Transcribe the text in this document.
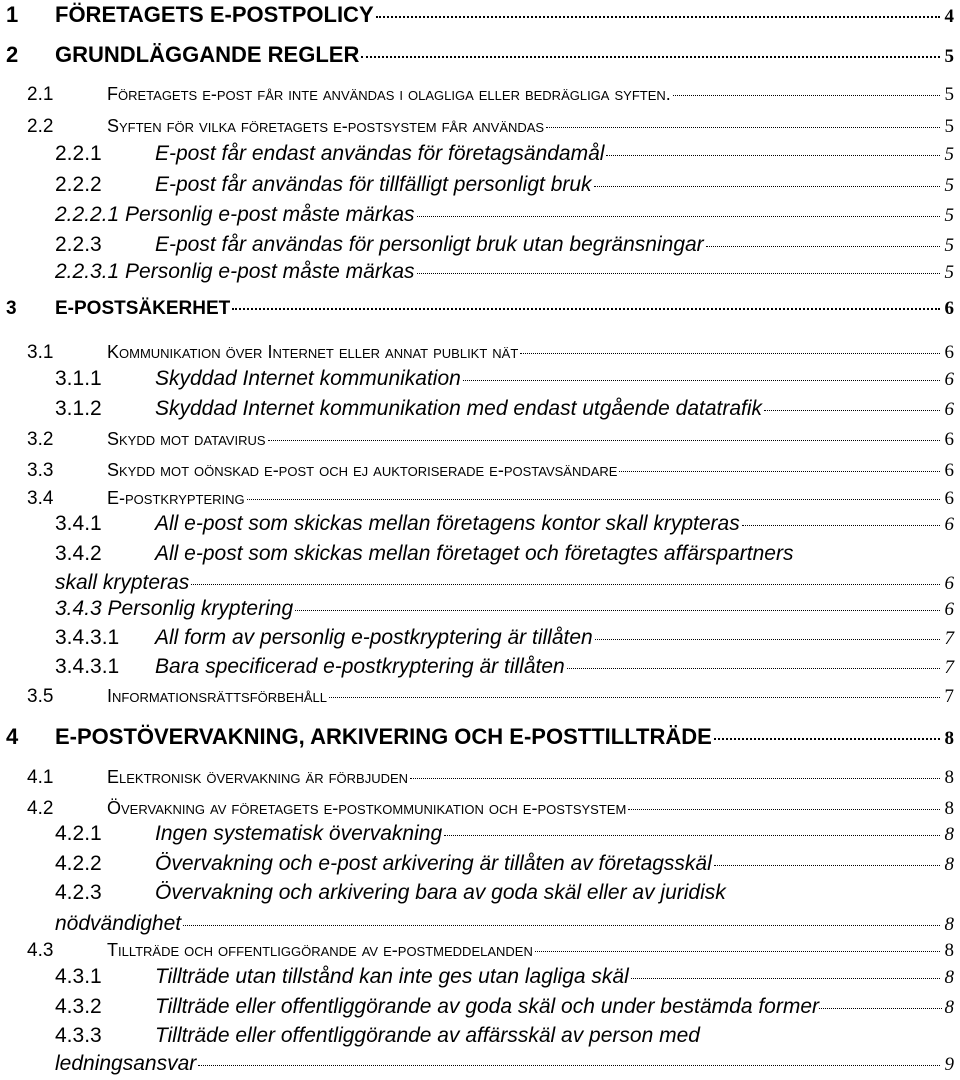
1 FÖRETAGETS E-POSTPOLICY	4
2 GRUNDLÄGGANDE REGLER	5
2.1	Företagets e-post får inte användas i olagliga eller bedrägliga syften.	5
2.2	Syften för vilka företagets e-postsystem får användas	5
2.2.1	E-post får endast användas för företagsändamål	5
2.2.2	E-post får användas för tillfälligt personligt bruk	5
2.2.2.1 Personlig e-post måste märkas	5
2.2.3	E-post får användas för personligt bruk utan begränsningar	5
2.2.3.1 Personlig e-post måste märkas	5
3 E-POSTSÄKERHET	6
3.1	Kommunikation över Internet eller annat publikt nät	6
3.1.1	Skyddad Internet kommunikation	6
3.1.2	Skyddad Internet kommunikation med endast utgående datatrafik	6
3.2	Skydd mot datavirus	6
3.3	Skydd mot oönskad e-post och ej auktoriserade e-postavsändare	6
3.4	E-postkryptering	6
3.4.1	All e-post som skickas mellan företagens kontor skall krypteras	6
3.4.2	All e-post som skickas mellan företaget och företagtes affärspartners
skall krypteras	6
3.4.3 Personlig kryptering	6
3.4.3.1 All form av personlig e-postkryptering är tillåten	7
3.4.3.1 Bara specificerad e-postkryptering är tillåten	7
3.5	Informationsrättsförbehåll	7
4 E-POSTÖVERVAKNING, ARKIVERING OCH E-POSTTILLTRÄDE	8
4.1	Elektronisk övervakning är förbjuden	8
4.2	Övervakning av företagets e-postkommunikation och e-postsystem	8
4.2.1	Ingen systematisk övervakning	8
4.2.2	Övervakning och e-post arkivering är tillåten av företagsskäl	8
4.2.3	Övervakning och arkivering bara av goda skäl eller av juridisk
nödvändighet	8
4.3	Tillträde och offentliggörande av e-postmeddelanden	8
4.3.1	Tillträde utan tillstånd kan inte ges utan lagliga skäl	8
4.3.2	Tillträde eller offentliggörande av goda skäl och under bestämda former	8
4.3.3	Tillträde eller offentliggörande av affärsskäl av person med
ledningsansvar	9
